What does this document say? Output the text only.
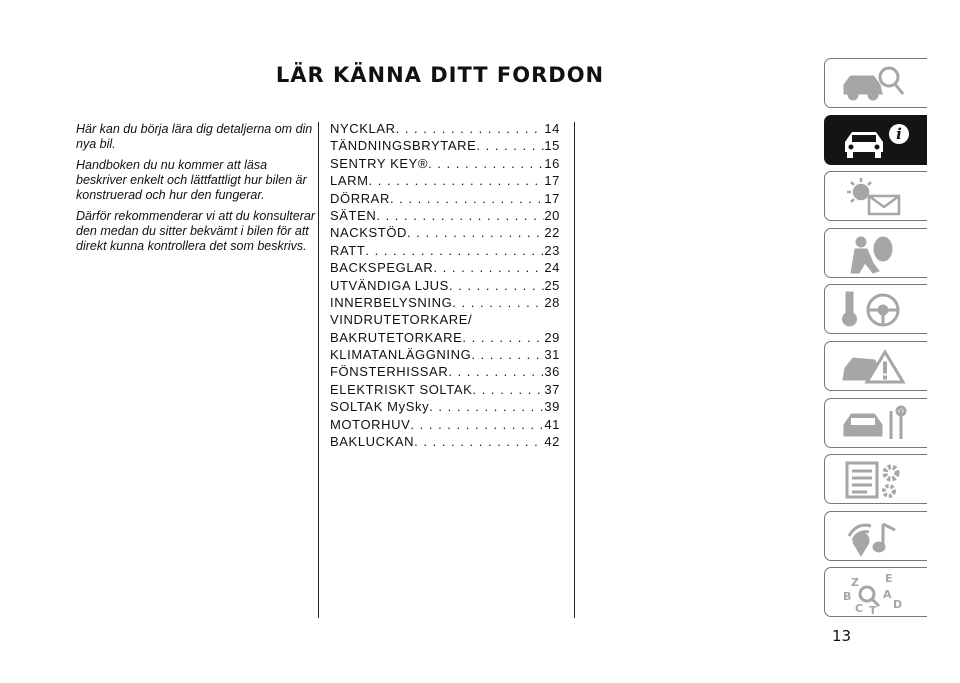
LÄR KÄNNA DITT FORDON

Här kan du börja lära dig detaljerna om din nya bil.

Handboken du nu kommer att läsa beskriver enkelt och lättfattligt hur bilen är konstruerad och hur den fungerar.

Därför rekommenderar vi att du konsulterar den medan du sitter bekvämt i bilen för att direkt kunna kontrollera det som beskrivs.

NYCKLAR . . .	14
TÄNDNINGSBRYTARE . . .	15
SENTRY KEY® . . .	16
LARM . . .	17
DÖRRAR . . .	17
SÄTEN . . .	20
NACKSTÖD . . .	22
RATT . . .	23
BACKSPEGLAR . . .	24
UTVÄNDIGA LJUS . . .	25
INNERBELYSNING . . .	28
VINDRUTETORKARE/
BAKRUTETORKARE . . .	29
KLIMATANLÄGGNING . . .	31
FÖNSTERHISSAR . . .	36
ELEKTRISKT SOLTAK . . .	37
SOLTAK MySky . . .	39
MOTORHUV . . .	41
BAKLUCKAN . . .	42
i
Z E
B	A
C T D
13
